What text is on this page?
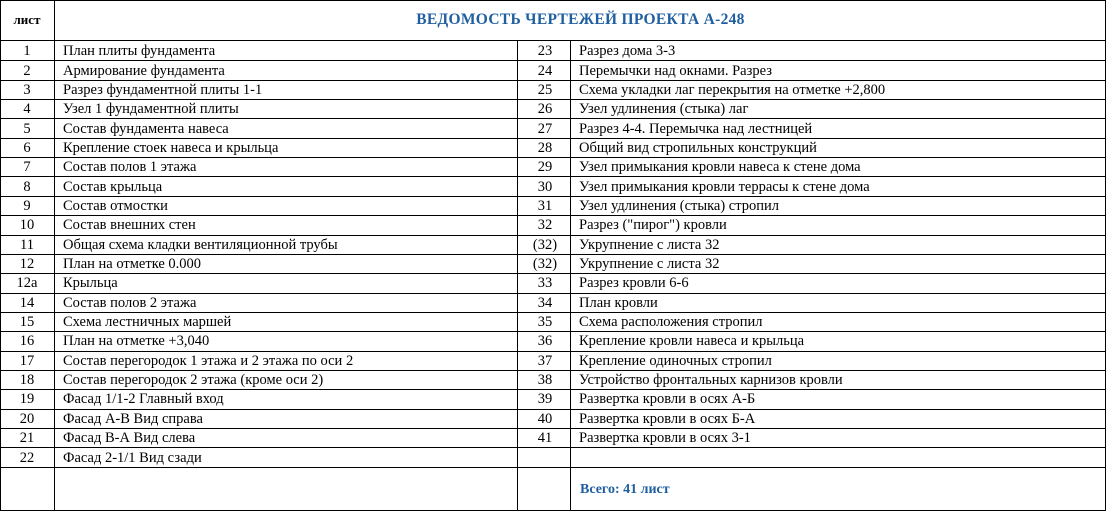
лист	ВЕДОМОСТЬ ЧЕРТЕЖЕЙ ПРОЕКТА А-248
1	План плиты фундамента
2	Армирование фундамента
3	Разрез фундаментной плиты 1-1
4	Узел 1 фундаментной плиты
5	Состав фундамента навеса
6	Крепление стоек навеса и крыльца
7	Состав полов 1 этажа
8	Состав крыльца
9	Состав отмостки
10	Состав внешних стен
11	Общая схема кладки вентиляционной трубы
12	План на отметке 0.000
12а	Крыльца
14	Состав полов 2 этажа
15	Схема лестничных маршей
16	План на отметке +3,040
17	Состав перегородок 1 этажа и 2 этажа по оси 2
18	Состав перегородок 2 этажа (кроме оси 2)
19	Фасад 1/1-2 Главный вход
20	Фасад А-В Вид справа
21	Фасад В-А Вид слева
22	Фасад 2-1/1 Вид сзади
23	Разрез дома 3-3
24	Перемычки над окнами. Разрез
25	Схема укладки лаг перекрытия на отметке +2,800
26	Узел удлинения (стыка) лаг
27	Разрез 4-4. Перемычка над лестницей
28	Общий вид стропильных конструкций
29	Узел примыкания кровли навеса к стене дома
30	Узел примыкания кровли террасы к стене дома
31	Узел удлинения (стыка) стропил
32	Разрез ("пирог") кровли
(32)	Укрупнение с листа 32
(32)	Укрупнение с листа 32
33	Разрез кровли 6-6
34	План кровли
35	Схема расположения стропил
36	Крепление кровли навеса и крыльца
37	Крепление одиночных стропил
38	Устройство фронтальных карнизов кровли
39	Развертка кровли в осях А-Б
40	Развертка кровли в осях Б-А
41	Развертка кровли в осях 3-1
Всего: 41 лист
